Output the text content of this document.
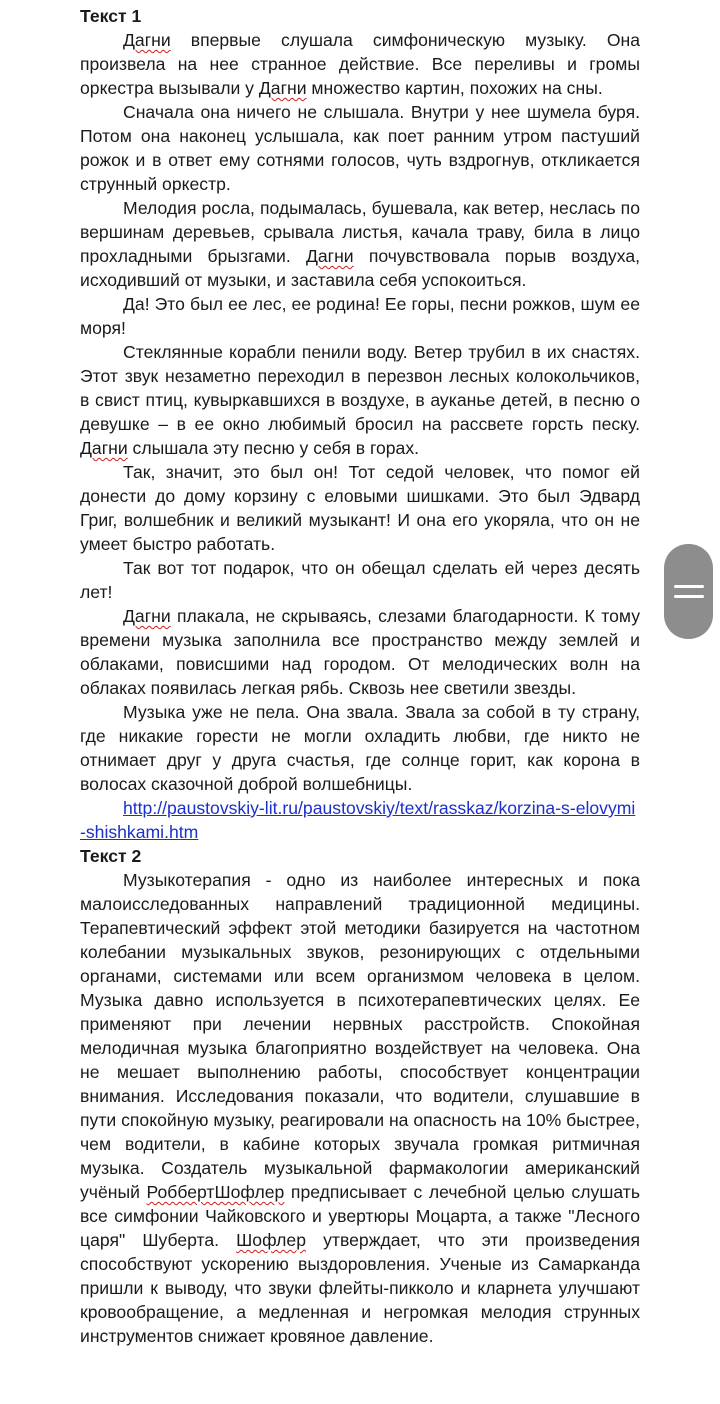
Текст 1

Дагни впервые слушала симфоническую музыку. Она произвела на нее странное действие. Все переливы и громы оркестра вызывали у Дагни множество картин, похожих на сны.

Сначала она ничего не слышала. Внутри у нее шумела буря. Потом она наконец услышала, как поет ранним утром пастуший рожок и в ответ ему сотнями голосов, чуть вздрогнув, откликается струнный оркестр.

Мелодия росла, подымалась, бушевала, как ветер, неслась по вершинам деревьев, срывала листья, качала траву, била в лицо прохладными брызгами. Дагни почувствовала порыв воздуха, исходивший от музыки, и заставила себя успокоиться.

Да! Это был ее лес, ее родина! Ее горы, песни рожков, шум ее моря!

Стеклянные корабли пенили воду. Ветер трубил в их снастях. Этот звук незаметно переходил в перезвон лесных колокольчиков, в свист птиц, кувыркавшихся в воздухе, в ауканье детей, в песню о девушке – в ее окно любимый бросил на рассвете горсть песку. Дагни слышала эту песню у себя в горах.

Так, значит, это был он! Тот седой человек, что помог ей донести до дому корзину с еловыми шишками. Это был Эдвард Григ, волшебник и великий музыкант! И она его укоряла, что он не умеет быстро работать.

Так вот тот подарок, что он обещал сделать ей через десять лет!

Дагни плакала, не скрываясь, слезами благодарности. К тому времени музыка заполнила все пространство между землей и облаками, повисшими над городом. От мелодических волн на облаках появилась легкая рябь. Сквозь нее светили звезды.

Музыка уже не пела. Она звала. Звала за собой в ту страну, где никакие горести не могли охладить любви, где никто не отнимает друг у друга счастья, где солнце горит, как корона в волосах сказочной доброй волшебницы.

http://paustovskiy-lit.ru/paustovskiy/text/rasskaz/korzina-s-elovymi-shishkami.htm

Текст 2

Музыкотерапия - одно из наиболее интересных и пока малоисследованных направлений традиционной медицины. Терапевтический эффект этой методики базируется на частотном колебании музыкальных звуков, резонирующих с отдельными органами, системами или всем организмом человека в целом. Музыка давно используется в психотерапевтических целях. Ее применяют при лечении нервных расстройств. Спокойная мелодичная музыка благоприятно воздействует на человека. Она не мешает выполнению работы, способствует концентрации внимания. Исследования показали, что водители, слушавшие в пути спокойную музыку, реагировали на опасность на 10% быстрее, чем водители, в кабине которых звучала громкая ритмичная музыка. Создатель музыкальной фармакологии американский учёный РоббертШофлер предписывает с лечебной целью слушать все симфонии Чайковского и увертюры Моцарта, а также "Лесного царя" Шуберта. Шофлер утверждает, что эти произведения способствуют ускорению выздоровления. Ученые из Самарканда пришли к выводу, что звуки флейты-пикколо и кларнета улучшают кровообращение, а медленная и негромкая мелодия струнных инструментов снижает кровяное давление.
